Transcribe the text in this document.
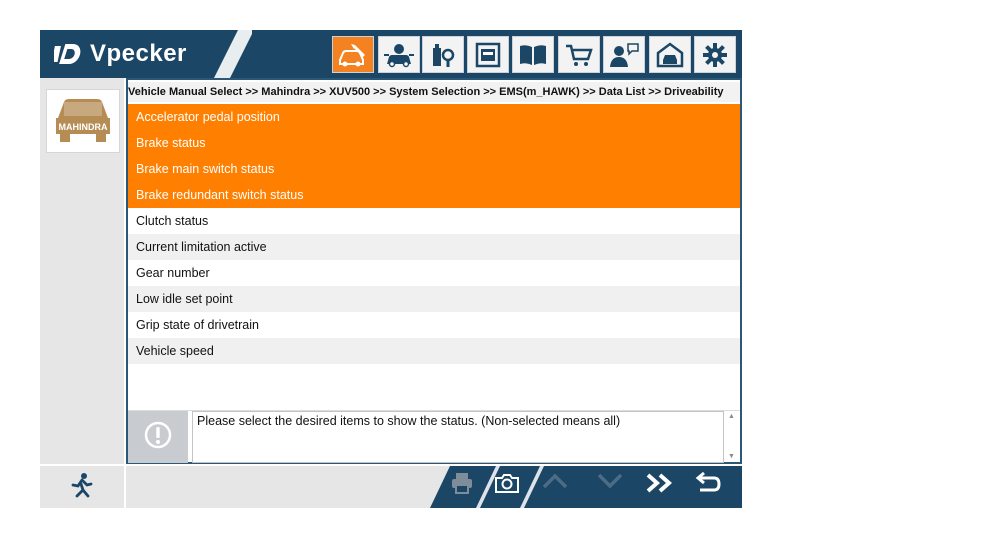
Vpecker
MAHINDRA
Vehicle Manual Select >> Mahindra >> XUV500 >> System Selection >> EMS(m_HAWK) >> Data List >> Driveability
Accelerator pedal position
Brake status
Brake main switch status
Brake redundant switch status
Clutch status
Current limitation active
Gear number
Low idle set point
Grip state of drivetrain
Vehicle speed
Please select the desired items to show the status. (Non-selected means all)	▲
▼
